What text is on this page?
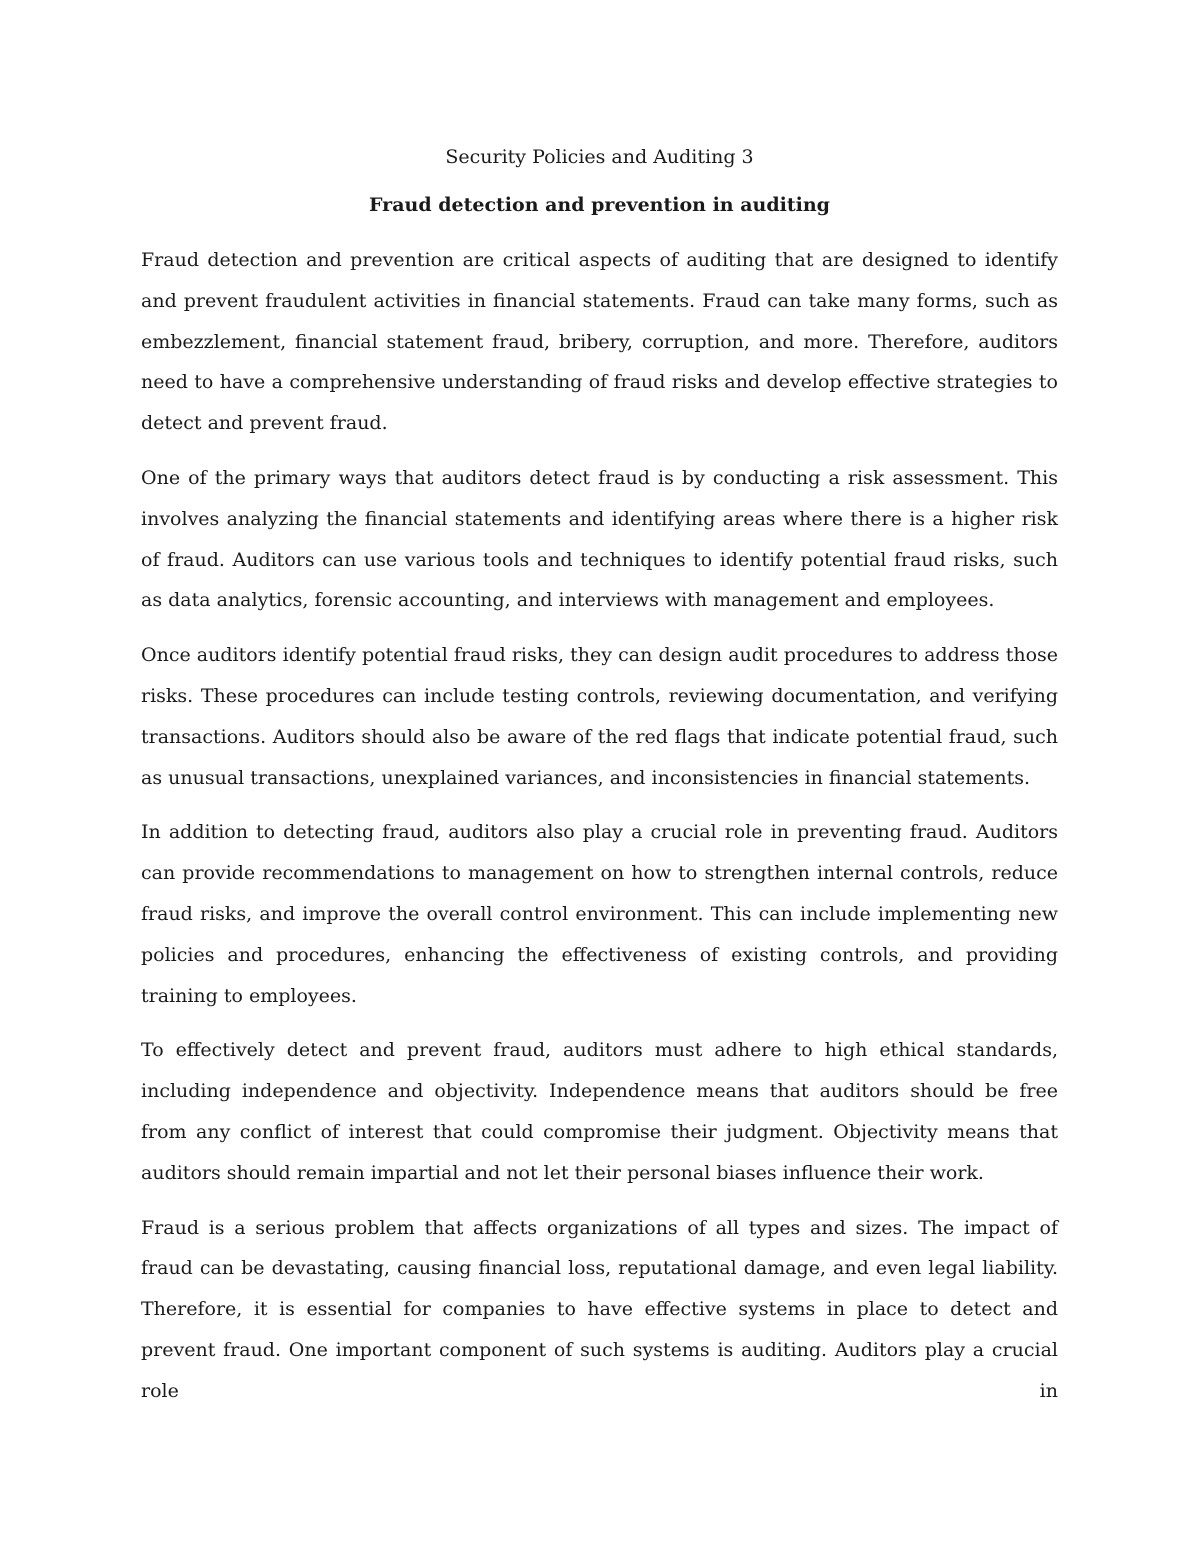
Security Policies and Auditing 3
Fraud detection and prevention in auditing

Fraud detection and prevention are critical aspects of auditing that are designed to identify and prevent fraudulent activities in financial statements. Fraud can take many forms, such as embezzlement, financial statement fraud, bribery, corruption, and more. Therefore, auditors need to have a comprehensive understanding of fraud risks and develop effective strategies to detect and prevent fraud.

One of the primary ways that auditors detect fraud is by conducting a risk assessment. This involves analyzing the financial statements and identifying areas where there is a higher risk of fraud. Auditors can use various tools and techniques to identify potential fraud risks, such as data analytics, forensic accounting, and interviews with management and employees.

Once auditors identify potential fraud risks, they can design audit procedures to address those risks. These procedures can include testing controls, reviewing documentation, and verifying transactions. Auditors should also be aware of the red flags that indicate potential fraud, such as unusual transactions, unexplained variances, and inconsistencies in financial statements.

In addition to detecting fraud, auditors also play a crucial role in preventing fraud. Auditors can provide recommendations to management on how to strengthen internal controls, reduce fraud risks, and improve the overall control environment. This can include implementing new policies and procedures, enhancing the effectiveness of existing controls, and providing training to employees.

To effectively detect and prevent fraud, auditors must adhere to high ethical standards, including independence and objectivity. Independence means that auditors should be free from any conflict of interest that could compromise their judgment. Objectivity means that auditors should remain impartial and not let their personal biases influence their work.

Fraud is a serious problem that affects organizations of all types and sizes. The impact of fraud can be devastating, causing financial loss, reputational damage, and even legal liability. Therefore, it is essential for companies to have effective systems in place to detect and prevent fraud. One important component of such systems is auditing. Auditors play a crucial role in
